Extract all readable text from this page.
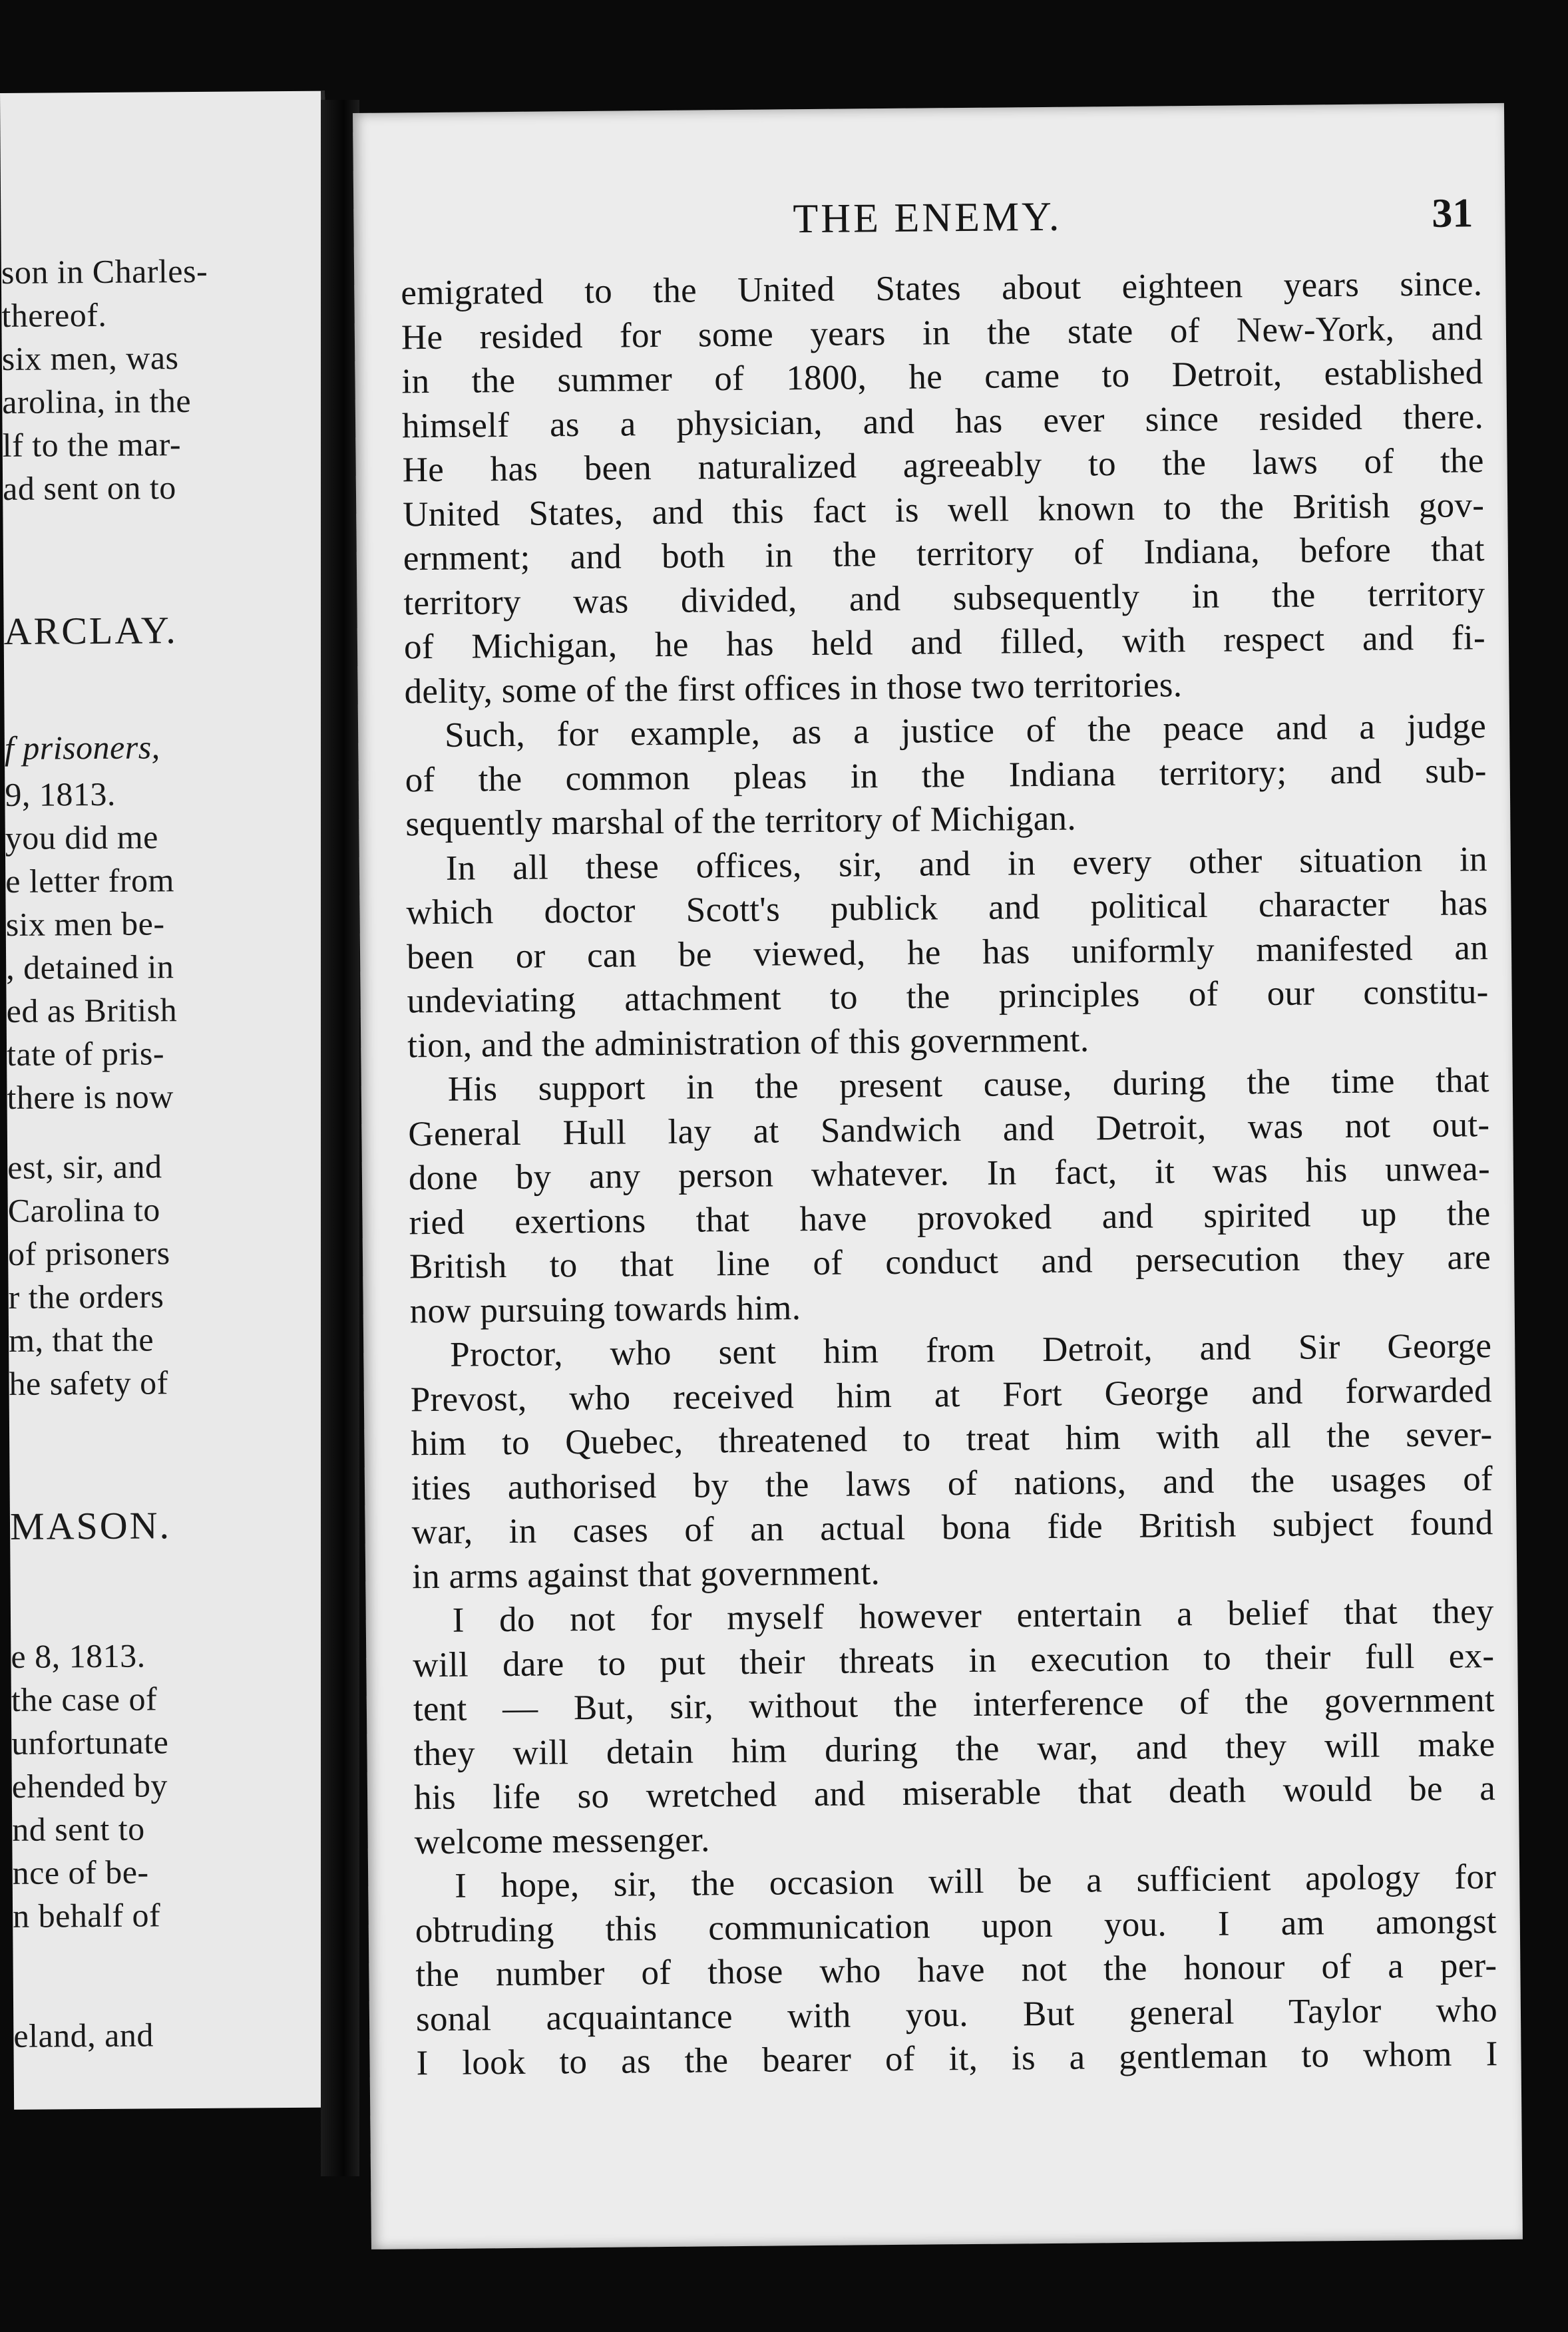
son in Charles-
thereof.
six men, was
arolina, in the
lf to the mar-
ad sent on to
ARCLAY.
f prisoners,
9, 1813.
you did me
e letter from
six men be-
, detained in
ed as British
tate of pris-
there is now
est, sir, and
Carolina to
of prisoners
r the orders
m, that the
he safety of
MASON.
e 8, 1813.
the case of
unfortunate
ehended by
nd sent to
nce of be-
n behalf of
eland, and
THE ENEMY.	31
emigrated to the United States about eighteen years since.
He resided for some years in the state of New-York, and
in the summer of 1800, he came to Detroit, established
himself as a physician, and has ever since resided there.
He has been naturalized agreeably to the laws of the
United States, and this fact is well known to the British gov-
ernment; and both in the territory of Indiana, before that
territory was divided, and subsequently in the territory
of Michigan, he has held and filled, with respect and fi-
delity, some of the first offices in those two territories.
Such, for example, as a justice of the peace and a judge
of the common pleas in the Indiana territory; and sub-
sequently marshal of the territory of Michigan.
In all these offices, sir, and in every other situation in
which doctor Scott's publick and political character has
been or can be viewed, he has uniformly manifested an
undeviating attachment to the principles of our constitu-
tion, and the administration of this government.
His support in the present cause, during the time that
General Hull lay at Sandwich and Detroit, was not out-
done by any person whatever. In fact, it was his unwea-
ried exertions that have provoked and spirited up the
British to that line of conduct and persecution they are
now pursuing towards him.
Proctor, who sent him from Detroit, and Sir George
Prevost, who received him at Fort George and forwarded
him to Quebec, threatened to treat him with all the sever-
ities authorised by the laws of nations, and the usages of
war, in cases of an actual bona fide British subject found
in arms against that government.
I do not for myself however entertain a belief that they
will dare to put their threats in execution to their full ex-
tent — But, sir, without the interference of the government
they will detain him during the war, and they will make
his life so wretched and miserable that death would be a
welcome messenger.
I hope, sir, the occasion will be a sufficient apology for
obtruding this communication upon you. I am amongst
the number of those who have not the honour of a per-
sonal acquaintance with you. But general Taylor who
I look to as the bearer of it, is a gentleman to whom I
